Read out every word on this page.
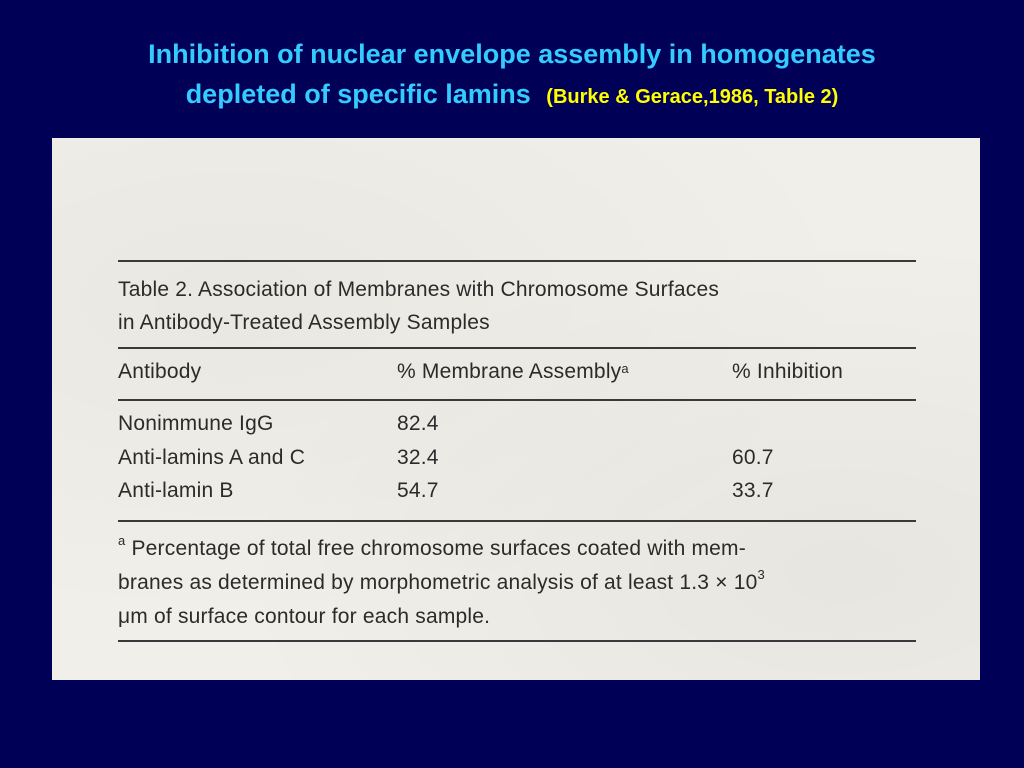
Inhibition of nuclear envelope assembly in homogenates
depleted of specific lamins (Burke & Gerace,1986, Table 2)
Table 2. Association of Membranes with Chromosome Surfaces
in Antibody-Treated Assembly Samples
Antibody	% Membrane Assembly$^a$	% Inhibition
Nonimmune IgG	82.4
Anti-lamins A and C	32.4	60.7
Anti-lamin B	54.7	33.7
$^a$ Percentage of total free chromosome surfaces coated with mem-
branes as determined by morphometric analysis of at least $1.3 \times 10^3$
μm of surface contour for each sample.
